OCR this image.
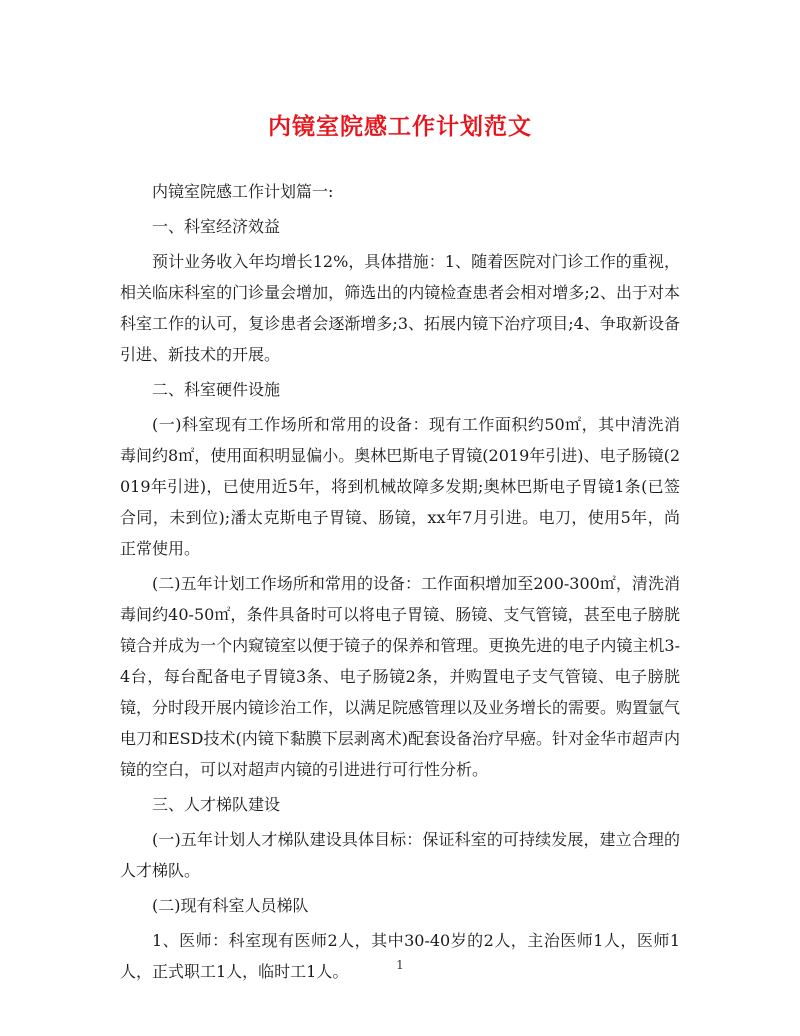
内镜室院感工作计划范文

内镜室院感工作计划篇一:

一、科室经济效益

预计业务收入年均增长12%，具体措施：1、随着医院对门诊工作的重视，相关临床科室的门诊量会增加，筛选出的内镜检查患者会相对增多;2、出于对本科室工作的认可，复诊患者会逐渐增多;3、拓展内镜下治疗项目;4、争取新设备引进、新技术的开展。

二、科室硬件设施

(一)科室现有工作场所和常用的设备：现有工作面积约50㎡，其中清洗消毒间约8㎡，使用面积明显偏小。奥林巴斯电子胃镜(2019年引进)、电子肠镜(2019年引进)，已使用近5年，将到机械故障多发期;奥林巴斯电子胃镜1条(已签合同，未到位);潘太克斯电子胃镜、肠镜，xx年7月引进。电刀，使用5年，尚正常使用。

(二)五年计划工作场所和常用的设备：工作面积增加至200-300㎡，清洗消毒间约40-50㎡，条件具备时可以将电子胃镜、肠镜、支气管镜，甚至电子膀胱镜合并成为一个内窥镜室以便于镜子的保养和管理。更换先进的电子内镜主机3-4台，每台配备电子胃镜3条、电子肠镜2条，并购置电子支气管镜、电子膀胱镜，分时段开展内镜诊治工作，以满足院感管理以及业务增长的需要。购置氩气电刀和ESD技术(内镜下黏膜下层剥离术)配套设备治疗早癌。针对金华市超声内镜的空白，可以对超声内镜的引进进行可行性分析。

三、人才梯队建设

(一)五年计划人才梯队建设具体目标：保证科室的可持续发展，建立合理的人才梯队。

(二)现有科室人员梯队

1、医师：科室现有医师2人，其中30-40岁的2人，主治医师1人，医师1人，正式职工1人，临时工1人。	1
